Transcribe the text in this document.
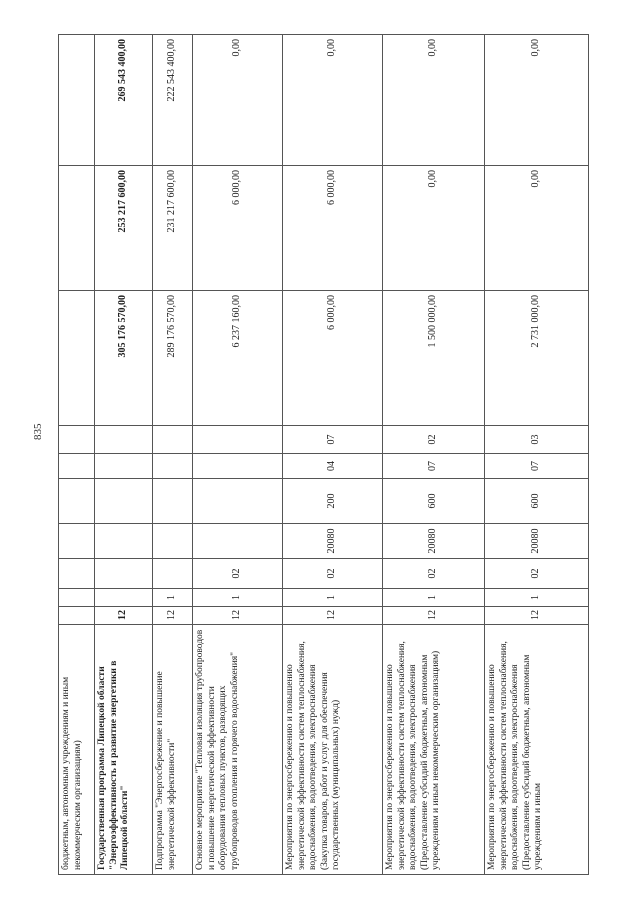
835
бюджетным, автономным учреждениям и иным некоммерческим организациям)										
Государственная программа Липецкой области "Энергоэффективность и развитие энергетики в Липецкой области"	12							305 176 570,00	253 217 600,00	269 543 400,00
Подпрограмма "Энергосбережение и повышение энергетической эффективности"	12	1						289 176 570,00	231 217 600,00	222 543 400,00
Основное мероприятие "Тепловая изоляция трубопроводов и повышение энергетической эффективности оборудования тепловых пунктов, разводящих трубопроводов отопления и горячего водоснабжения"	12	1	02					6 237 160,00	6 000,00	0,00
Мероприятия по энергосбережению и повышению энергетической эффективности систем теплоснабжения, водоснабжения, водоотведения, электроснабжения (Закупка товаров, работ и услуг для обеспечения государственных (муниципальных) нужд)	12	1	02	20080	200	04	07	6 000,00	6 000,00	0,00
Мероприятия по энергосбережению и повышению энергетической эффективности систем теплоснабжения, водоснабжения, водоотведения, электроснабжения (Предоставление субсидий бюджетным, автономным учреждениям и иным некоммерческим организациям)	12	1	02	20080	600	07	02	1 500 000,00	0,00	0,00
Мероприятия по энергосбережению и повышению энергетической эффективности систем теплоснабжения, водоснабжения, водоотведения, электроснабжения (Предоставление субсидий бюджетным, автономным учреждениям и иным	12	1	02	20080	600	07	03	2 731 000,00	0,00	0,00
